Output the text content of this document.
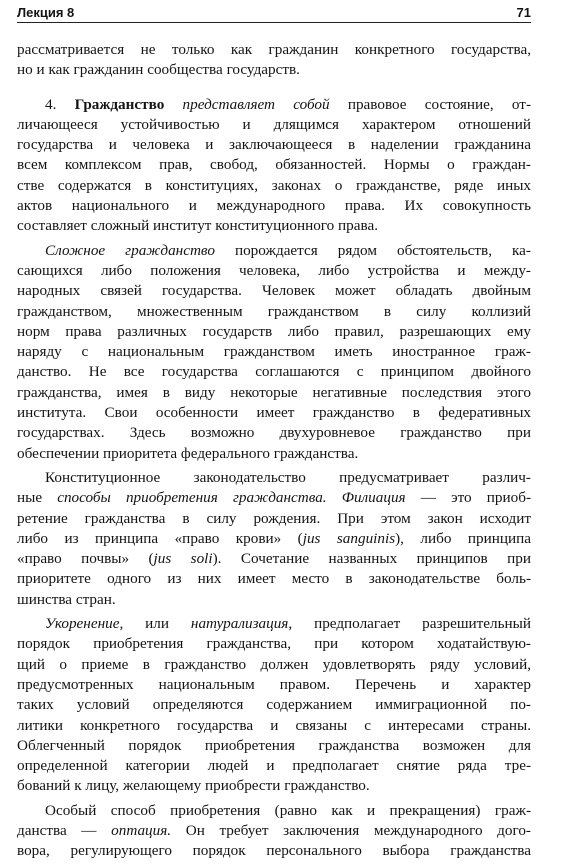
Лекция 8	71
рассматривается не только как гражданин конкретного государства,
но и как гражданин сообщества государств.
4. Гражданство представляет собой правовое состояние, от-
личающееся устойчивостью и длящимся характером отношений
государства и человека и заключающееся в наделении гражданина
всем комплексом прав, свобод, обязанностей. Нормы о граждан-
стве содержатся в конституциях, законах о гражданстве, ряде иных
актов национального и международного права. Их совокупность
составляет сложный институт конституционного права.
Сложное гражданство порождается рядом обстоятельств, ка-
сающихся либо положения человека, либо устройства и между-
народных связей государства. Человек может обладать двойным
гражданством, множественным гражданством в силу коллизий
норм права различных государств либо правил, разрешающих ему
наряду с национальным гражданством иметь иностранное граж-
данство. Не все государства соглашаются с принципом двойного
гражданства, имея в виду некоторые негативные последствия этого
института. Свои особенности имеет гражданство в федеративных
государствах. Здесь возможно двухуровневое гражданство при
обеспечении приоритета федерального гражданства.
Конституционное законодательство предусматривает различ-
ные способы приобретения гражданства. Филиация — это приоб-
ретение гражданства в силу рождения. При этом закон исходит
либо из принципа «право крови» (jus sanguinis), либо принципа
«право почвы» (jus soli). Сочетание названных принципов при
приоритете одного из них имеет место в законодательстве боль-
шинства стран.
Укоренение, или натурализация, предполагает разрешительный
порядок приобретения гражданства, при котором ходатайствую-
щий о приеме в гражданство должен удовлетворять ряду условий,
предусмотренных национальным правом. Перечень и характер
таких условий определяются содержанием иммиграционной по-
литики конкретного государства и связаны с интересами страны.
Облегченный порядок приобретения гражданства возможен для
определенной категории людей и предполагает снятие ряда тре-
бований к лицу, желающему приобрести гражданство.
Особый способ приобретения (равно как и прекращения) граж-
данства — оптация. Он требует заключения международного дого-
вора, регулирующего порядок персонального выбора гражданства
